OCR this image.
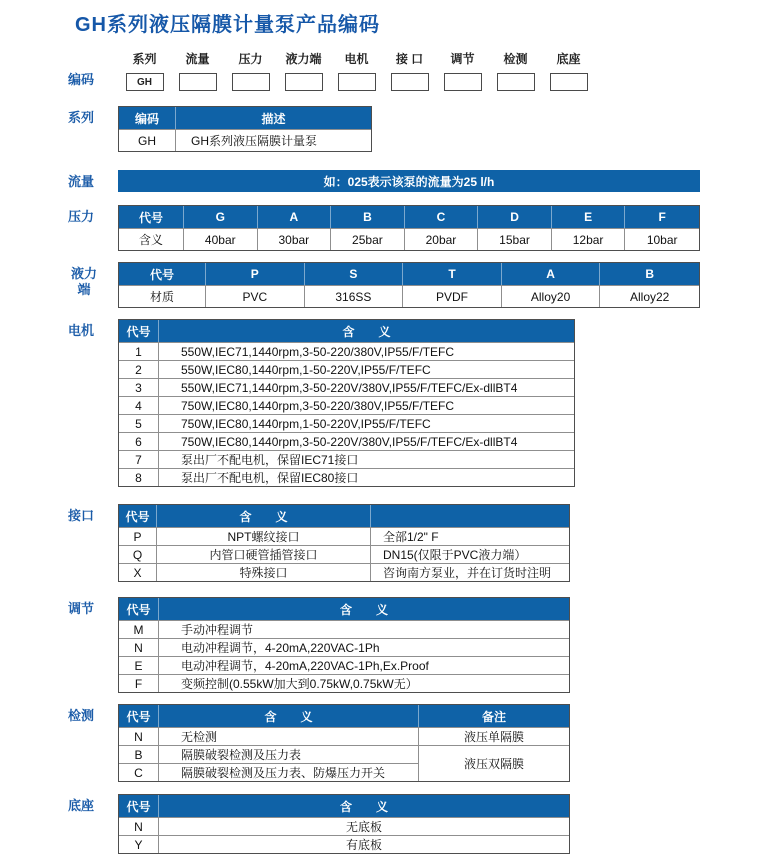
GH系列液压隔膜计量泵产品编码
编码
系列
GH
流量 压力 液力端 电机 接 口 调节 检测 底座
系列	编码	描述
GH	GH系列液压隔膜计量泵
流量	如：025表示该泵的流量为25 l/h
压力	代号	G	A	B	C	D	E	F
含义	40bar	30bar	25bar	20bar	15bar	12bar	10bar
液力端
代号	P	S	T	A	B
材质	PVC	316SS	PVDF	Alloy20	Alloy22
电机	代号	含　　义
1	550W,IEC71,1440rpm,3-50-220/380V,IP55/F/TEFC
2	550W,IEC80,1440rpm,1-50-220V,IP55/F/TEFC
3	550W,IEC71,1440rpm,3-50-220V/380V,IP55/F/TEFC/Ex-dllBT4
4	750W,IEC80,1440rpm,3-50-220/380V,IP55/F/TEFC
5	750W,IEC80,1440rpm,1-50-220V,IP55/F/TEFC
6	750W,IEC80,1440rpm,3-50-220V/380V,IP55/F/TEFC/Ex-dllBT4
7	泵出厂不配电机，保留IEC71接口
8	泵出厂不配电机，保留IEC80接口
接口	代号	含　　义	
P	NPT螺纹接口	全部1/2" F
Q	内管口硬管插管接口	DN15(仅限于PVC液力端）
X	特殊接口	咨询南方泵业，并在订货时注明
调节	代号	含　　义
M	手动冲程调节
N	电动冲程调节，4-20mA,220VAC-1Ph
E	电动冲程调节，4-20mA,220VAC-1Ph,Ex.Proof
F	变频控制(0.55kW加大到0.75kW,0.75kW无）
检测	代号	含　　义	备注
N	无检测	液压单隔膜
B	隔膜破裂检测及压力表	液压双隔膜
C	隔膜破裂检测及压力表、防爆压力开关	
底座	代号	含　　义
N	无底板
Y	有底板
